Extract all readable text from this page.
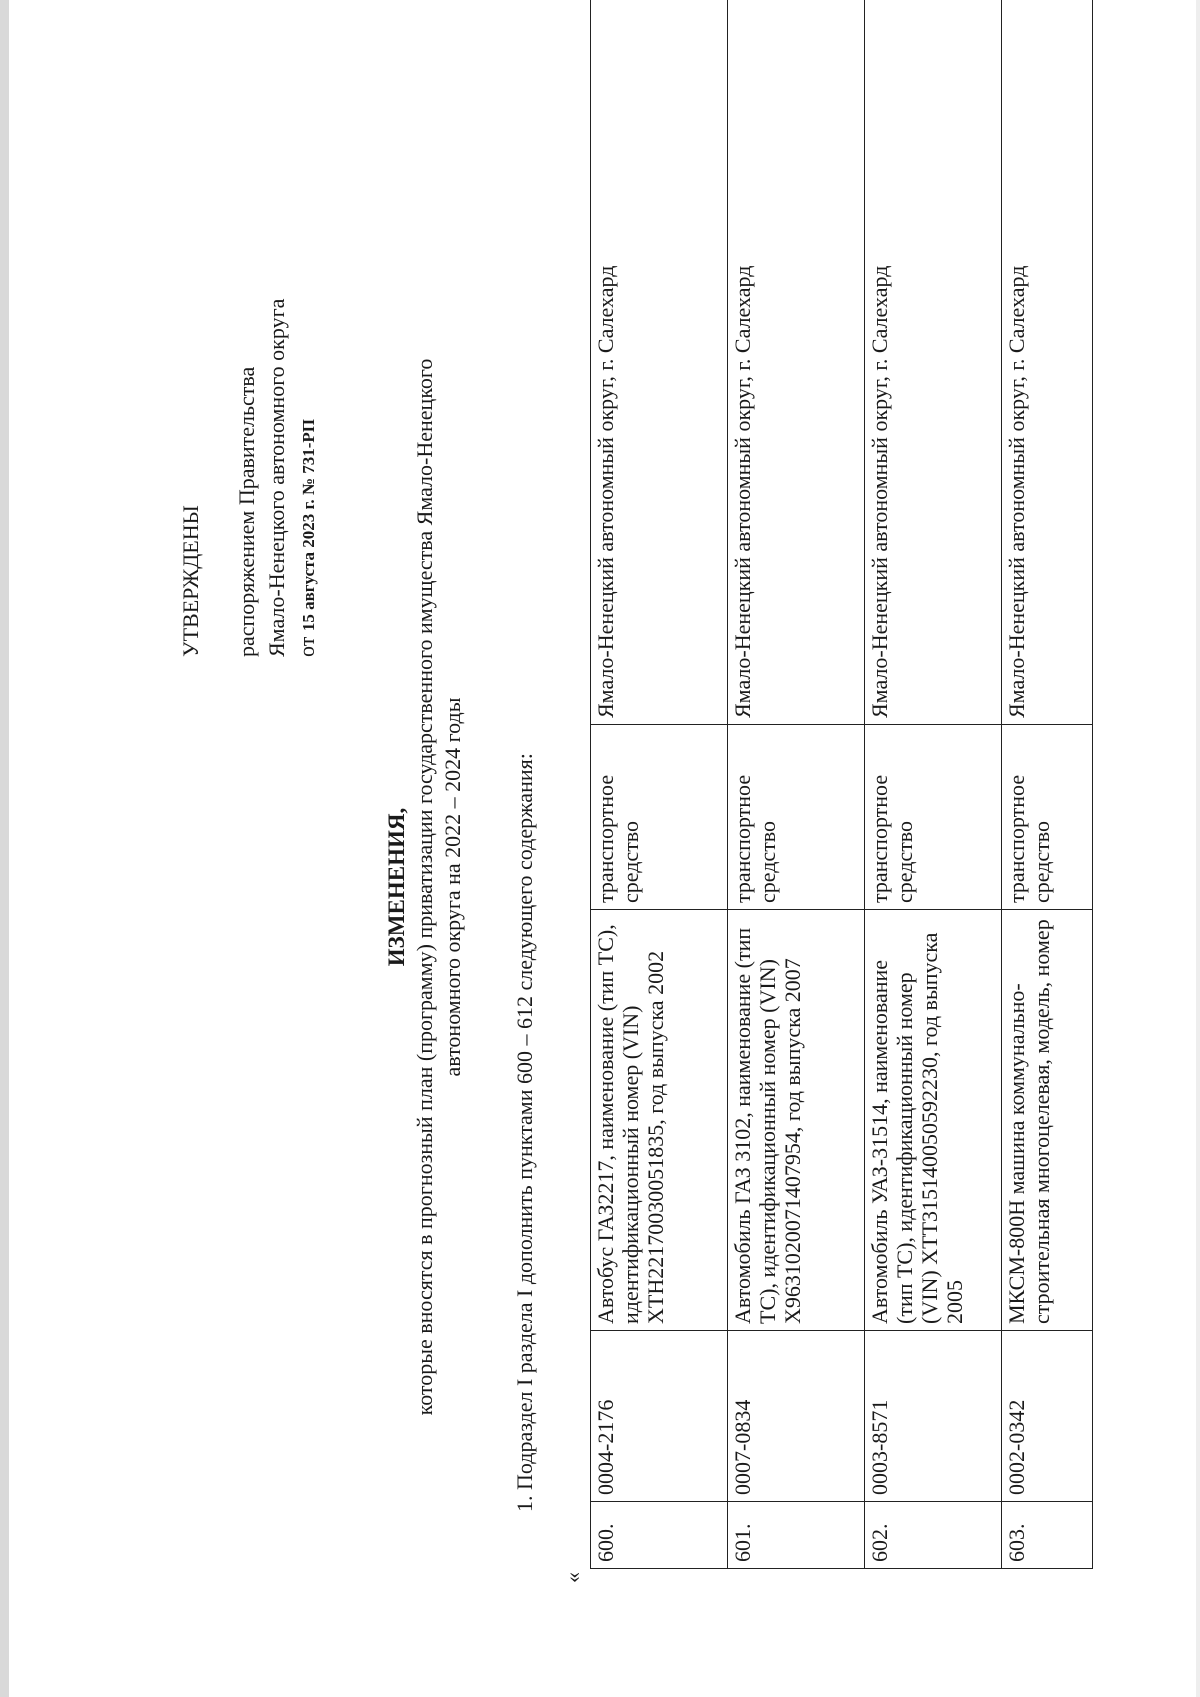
УТВЕРЖДЕНЫ распоряжением Правительства Ямало-Ненецкого автономного округа от 15 августа 2023 г. № 731-РП
ИЗМЕНЕНИЯ, которые вносятся в прогнозный план (программу) приватизации государственного имущества Ямало-Ненецкого автономного округа на 2022 – 2024 годы 1. Подраздел I раздела I дополнить пунктами 600 – 612 следующего содержания:
«
600.	0004-2176	Автобус ГАЗ2217, наименование (тип ТС), идентификационный номер (VIN) ХТН22170030051835, год выпуска 2002	транспортное средство	Ямало-Ненецкий автономный округ, г. Салехард
601.	0007-0834	Автомобиль ГАЗ 3102, наименование (тип ТС), идентификационный номер (VIN) X9631020071407954, год выпуска 2007	транспортное средство	Ямало-Ненецкий автономный округ, г. Салехард
602.	0003-8571	Автомобиль УАЗ-31514, наименование (тип ТС), идентификационный номер (VIN) XTT315140050592230, год выпуска 2005	транспортное средство	Ямало-Ненецкий автономный округ, г. Салехард
603.	0002-0342	МКСМ-800Н машина коммунально-строительная многоцелевая, модель, номер	транспортное средство	Ямало-Ненецкий автономный округ, г. Салехард
